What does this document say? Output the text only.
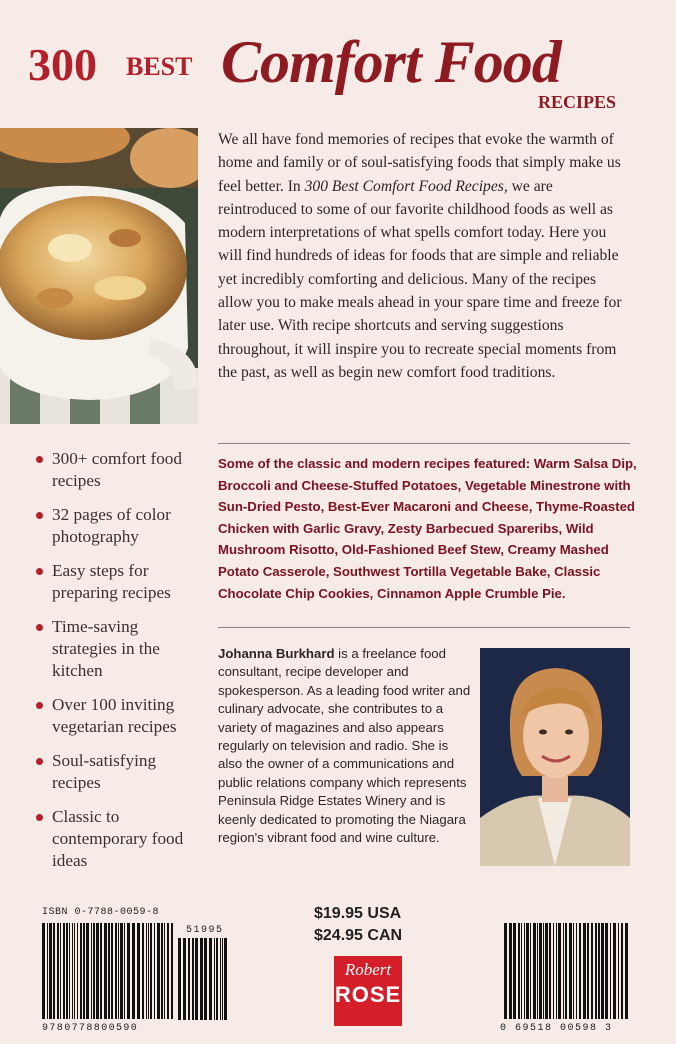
300 BEST Comfort Food
RECIPES
We all have fond memories of recipes that evoke the warmth of home and family or of soul-satisfying foods that simply make us feel better. In 300 Best Comfort Food Recipes, we are reintroduced to some of our favorite childhood foods as well as modern interpretations of what spells comfort today. Here you will find hundreds of ideas for foods that are simple and reliable yet incredibly comforting and delicious. Many of the recipes allow you to make meals ahead in your spare time and freeze for later use. With recipe shortcuts and serving suggestions throughout, it will inspire you to recreate special moments from the past, as well as begin new comfort food traditions.
Some of the classic and modern recipes featured: Warm Salsa Dip, Broccoli and Cheese-Stuffed Potatoes, Vegetable Minestrone with Sun-Dried Pesto, Best-Ever Macaroni and Cheese, Thyme-Roasted Chicken with Garlic Gravy, Zesty Barbecued Spareribs, Wild Mushroom Risotto, Old-Fashioned Beef Stew, Creamy Mashed Potato Casserole, Southwest Tortilla Vegetable Bake, Classic Chocolate Chip Cookies, Cinnamon Apple Crumble Pie.
300+ comfort food recipes
32 pages of color photography
Easy steps for preparing recipes
Time-saving strategies in the kitchen
Over 100 inviting vegetarian recipes
Soul-satisfying recipes
Classic to contemporary food ideas
Johanna Burkhard is a freelance food consultant, recipe developer and spokesperson. As a leading food writer and culinary advocate, she contributes to a variety of magazines and also appears regularly on television and radio. She is also the owner of a communications and public relations company which represents Peninsula Ridge Estates Winery and is keenly dedicated to promoting the Niagara region's vibrant food and wine culture.
ISBN 0-7788-0059-8
51995
9780778800590	0 69518 00598 3
$19.95 USA
$24.95 CAN
Robert
ROSE
